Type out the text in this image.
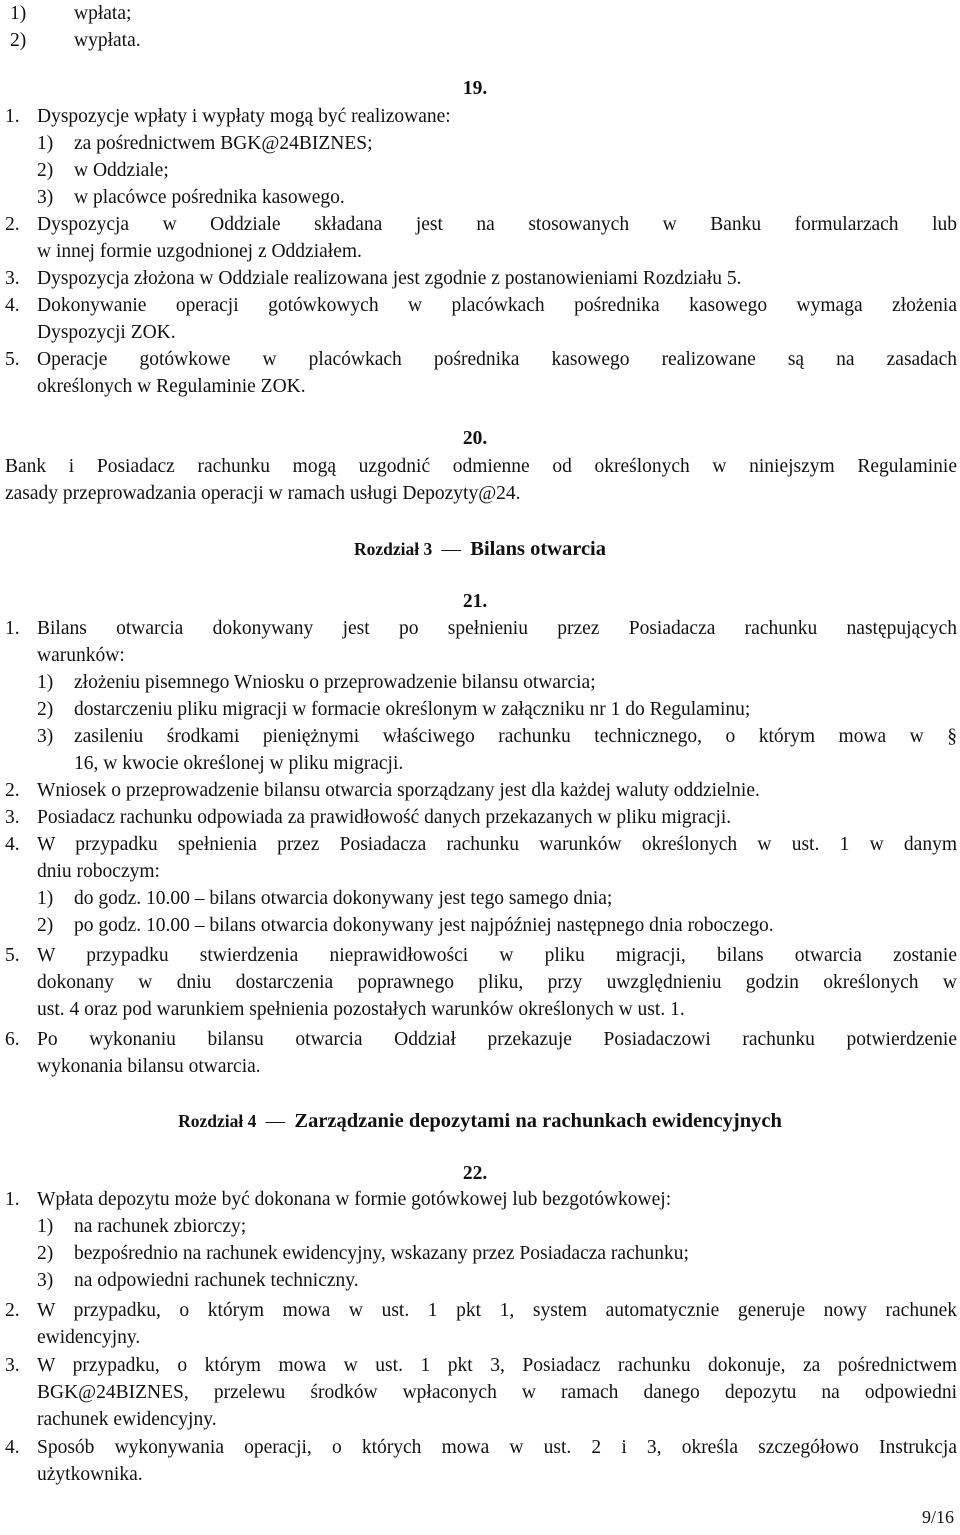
1) wpłata;
2) wypłata.
19.
1. Dyspozycje wpłaty i wypłaty mogą być realizowane:
1) za pośrednictwem BGK@24BIZNES;
2) w Oddziale;
3) w placówce pośrednika kasowego.
2. Dyspozycja w Oddziale składana jest na stosowanych w Banku formularzach lub
w innej formie uzgodnionej z Oddziałem.
3. Dyspozycja złożona w Oddziale realizowana jest zgodnie z postanowieniami Rozdziału 5.
4. Dokonywanie operacji gotówkowych w placówkach pośrednika kasowego wymaga złożenia
Dyspozycji ZOK.
5. Operacje gotówkowe w placówkach pośrednika kasowego realizowane są na zasadach
określonych w Regulaminie ZOK.
20.
Bank i Posiadacz rachunku mogą uzgodnić odmienne od określonych w niniejszym Regulaminie
zasady przeprowadzania operacji w ramach usługi Depozyty@24.
Rozdział 3 — Bilans otwarcia
21.
1. Bilans otwarcia dokonywany jest po spełnieniu przez Posiadacza rachunku następujących
warunków:
1) złożeniu pisemnego Wniosku o przeprowadzenie bilansu otwarcia;
2) dostarczeniu pliku migracji w formacie określonym w załączniku nr 1 do Regulaminu;
3) zasileniu środkami pieniężnymi właściwego rachunku technicznego, o którym mowa w §
16, w kwocie określonej w pliku migracji.
2. Wniosek o przeprowadzenie bilansu otwarcia sporządzany jest dla każdej waluty oddzielnie.
3. Posiadacz rachunku odpowiada za prawidłowość danych przekazanych w pliku migracji.
4. W przypadku spełnienia przez Posiadacza rachunku warunków określonych w ust. 1 w danym
dniu roboczym:
1) do godz. 10.00 – bilans otwarcia dokonywany jest tego samego dnia;
2) po godz. 10.00 – bilans otwarcia dokonywany jest najpóźniej następnego dnia roboczego.
5. W przypadku stwierdzenia nieprawidłowości w pliku migracji, bilans otwarcia zostanie
dokonany w dniu dostarczenia poprawnego pliku, przy uwzględnieniu godzin określonych w
ust. 4 oraz pod warunkiem spełnienia pozostałych warunków określonych w ust. 1.
6. Po wykonaniu bilansu otwarcia Oddział przekazuje Posiadaczowi rachunku potwierdzenie
wykonania bilansu otwarcia.
Rozdział 4 — Zarządzanie depozytami na rachunkach ewidencyjnych
22.
1. Wpłata depozytu może być dokonana w formie gotówkowej lub bezgotówkowej:
1) na rachunek zbiorczy;
2) bezpośrednio na rachunek ewidencyjny, wskazany przez Posiadacza rachunku;
3) na odpowiedni rachunek techniczny.
2. W przypadku, o którym mowa w ust. 1 pkt 1, system automatycznie generuje nowy rachunek
ewidencyjny.
3. W przypadku, o którym mowa w ust. 1 pkt 3, Posiadacz rachunku dokonuje, za pośrednictwem
BGK@24BIZNES, przelewu środków wpłaconych w ramach danego depozytu na odpowiedni
rachunek ewidencyjny.
4. Sposób wykonywania operacji, o których mowa w ust. 2 i 3, określa szczegółowo Instrukcja
użytkownika.
9/16
